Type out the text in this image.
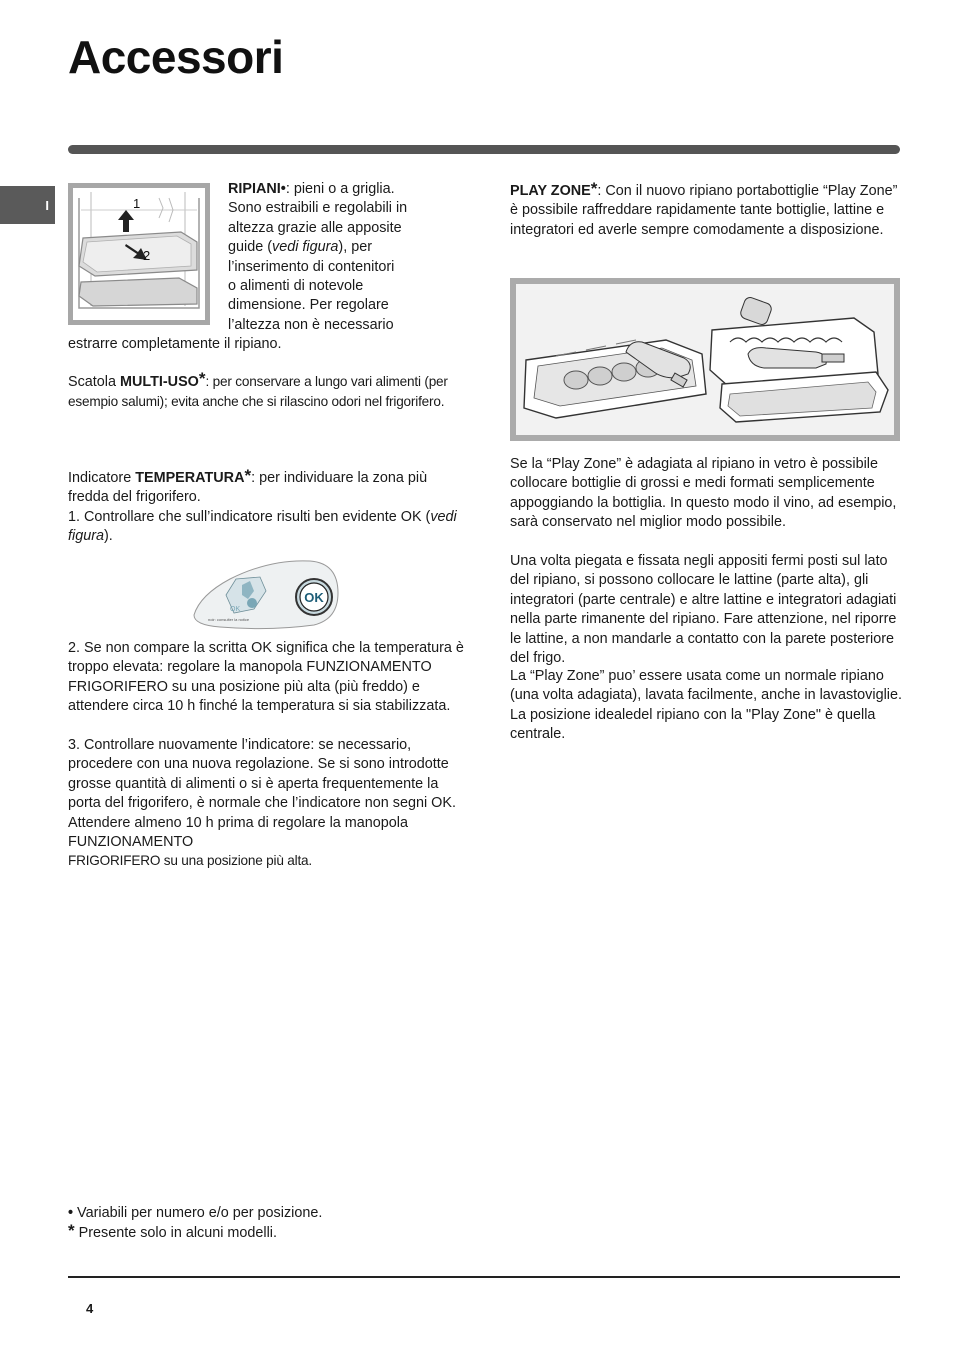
Accessori
I	1
2

RIPIANI•: pieni o a griglia.

Sono estraibili e regolabili in

altezza grazie alle apposite

guide (vedi figura), per

l’inserimento di contenitori

o alimenti di notevole

dimensione. Per regolare

l’altezza non è necessario

estrarre completamente il ripiano.

Scatola MULTI-USO*: per conservare a lungo vari alimenti (per esempio salumi); evita anche che si rilascino odori nel frigorifero.

Indicatore TEMPERATURA*: per individuare la zona più fredda del frigorifero.

1. Controllare che sull’indicatore risulti ben evidente OK (vedi figura).

OK
OK
noir: consulter la notice
2. Se non compare la scritta OK significa che la temperatura è troppo elevata: regolare la manopola FUNZIONAMENTO FRIGORIFERO su una posizione più alta (più freddo) e attendere circa 10 h finché la temperatura si sia stabilizzata.
3. Controllare nuovamente l’indicatore: se necessario, procedere con una nuova regolazione. Se si sono introdotte grosse quantità di alimenti o si è aperta frequentemente la porta del frigorifero, è normale che l’indicatore non segni OK. Attendere almeno 10 h prima di regolare la manopola FUNZIONAMENTO
FRIGORIFERO su una posizione più alta.

PLAY ZONE*: Con il nuovo ripiano portabottiglie “Play Zone” è possibile raffreddare rapidamente tante bottiglie, lattine e integratori ed averle sempre comodamente a disposizione.

Se la “Play Zone” è adagiata al ripiano in vetro è possibile collocare bottiglie di grossi e medi formati semplicemente appoggiando la bottiglia. In questo modo il vino, ad esempio, sarà conservato nel miglior modo possibile.
Una volta piegata e fissata negli appositi fermi posti sul lato del ripiano, si possono collocare le lattine (parte alta), gli integratori (parte centrale) e altre lattine e integratori adagiati nella parte rimanente del ripiano. Fare attenzione, nel riporre le lattine, a non mandarle a contatto con la parete posteriore del frigo.
La “Play Zone” puo’ essere usata come un normale ripiano (una volta adagiata), lavata facilmente, anche in lavastoviglie. La posizione idealedel ripiano con la "Play Zone" è quella centrale.
• Variabili per numero e/o per posizione.
* Presente solo in alcuni modelli.
4
